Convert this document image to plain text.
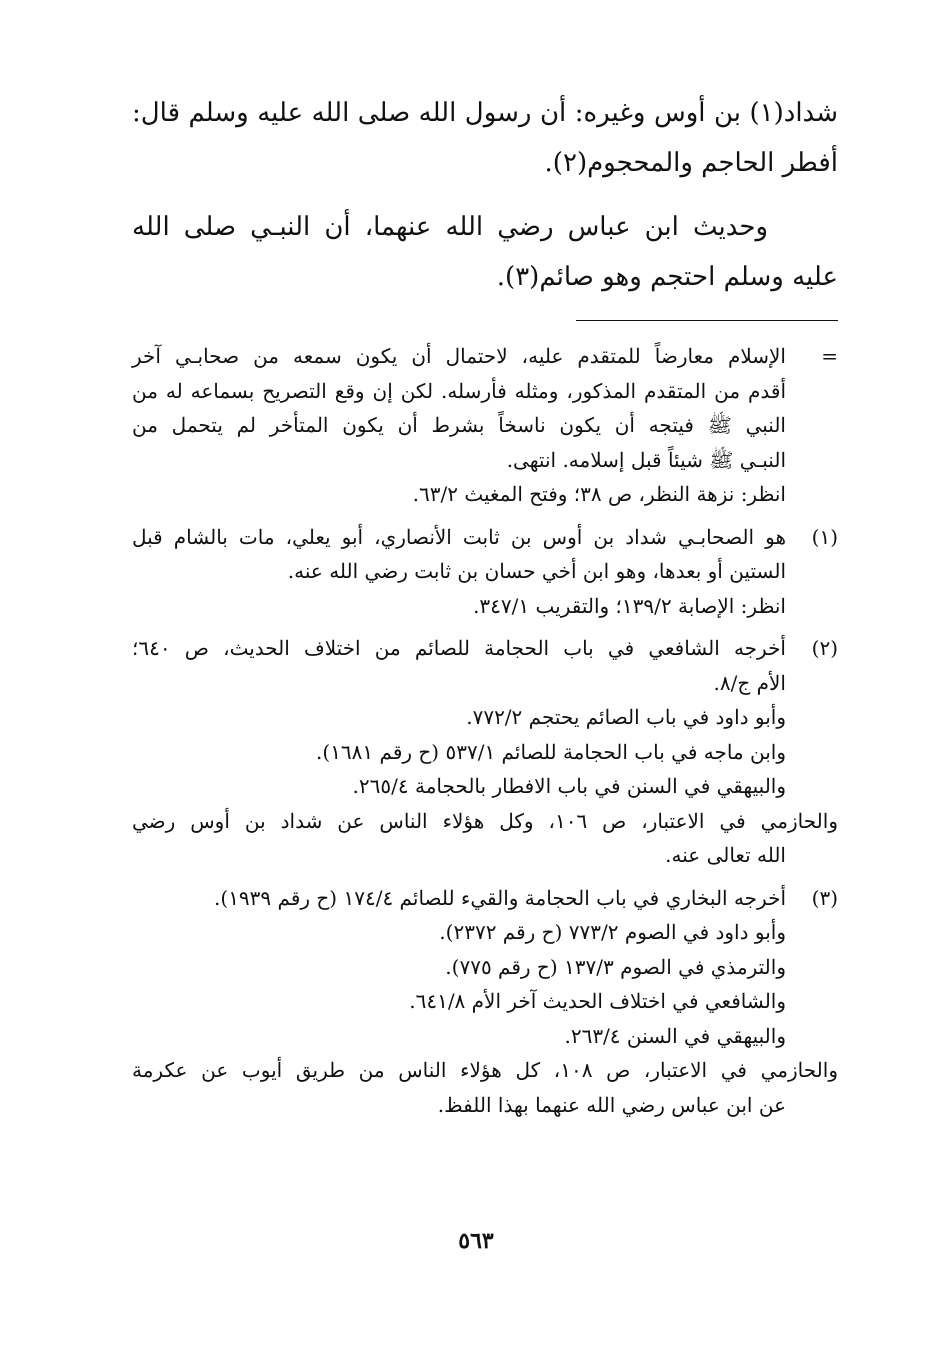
شداد(١) بن أوس وغيره: أن رسول الله صلى الله عليه وسلم قال: أفطر الحاجم والمحجوم(٢).

وحديث ابن عباس رضي الله عنهما، أن النبـي صلى الله عليه وسلم احتجم وهو صائم(٣).

=
الإسلام معارضاً للمتقدم عليه، لاحتمال أن يكون سمعه من صحابـي آخر
أقدم من المتقدم المذكور، ومثله فأرسله. لكن إن وقع التصريح بسماعه له من
النبي ﷺ فيتجه أن يكون ناسخاً بشرط أن يكون المتأخر لم يتحمل من
النبـي ﷺ شيئاً قبل إسلامه. انتهى.
انظر: نزهة النظر، ص ٣٨؛ وفتح المغيث ٦٣/٢.
(١)
هو الصحابـي شداد بن أوس بن ثابت الأنصاري، أبو يعلي، مات بالشام قبل
الستين أو بعدها، وهو ابن أخي حسان بن ثابت رضي الله عنه.
انظر: الإصابة ١٣٩/٢؛ والتقريب ٣٤٧/١.
(٢)
أخرجه الشافعي في باب الحجامة للصائم من اختلاف الحديث، ص ٦٤٠؛
الأم ج/٨.
وأبو داود في باب الصائم يحتجم ٧٧٢/٢.
وابن ماجه في باب الحجامة للصائم ٥٣٧/١ (ح رقم ١٦٨١).
والبيهقي في السنن في باب الافطار بالحجامة ٢٦٥/٤.
والحازمي في الاعتبار، ص ١٠٦، وكل هؤلاء الناس عن شداد بن أوس رضي
الله تعالى عنه.
(٣)
أخرجه البخاري في باب الحجامة والقيء للصائم ١٧٤/٤ (ح رقم ١٩٣٩).
وأبو داود في الصوم ٧٧٣/٢ (ح رقم ٢٣٧٢).
والترمذي في الصوم ١٣٧/٣ (ح رقم ٧٧٥).
والشافعي في اختلاف الحديث آخر الأم ٦٤١/٨.
والبيهقي في السنن ٢٦٣/٤.
والحازمي في الاعتبار، ص ١٠٨، كل هؤلاء الناس من طريق أيوب عن عكرمة
عن ابن عباس رضي الله عنهما بهذا اللفظ.
٥٦٣
